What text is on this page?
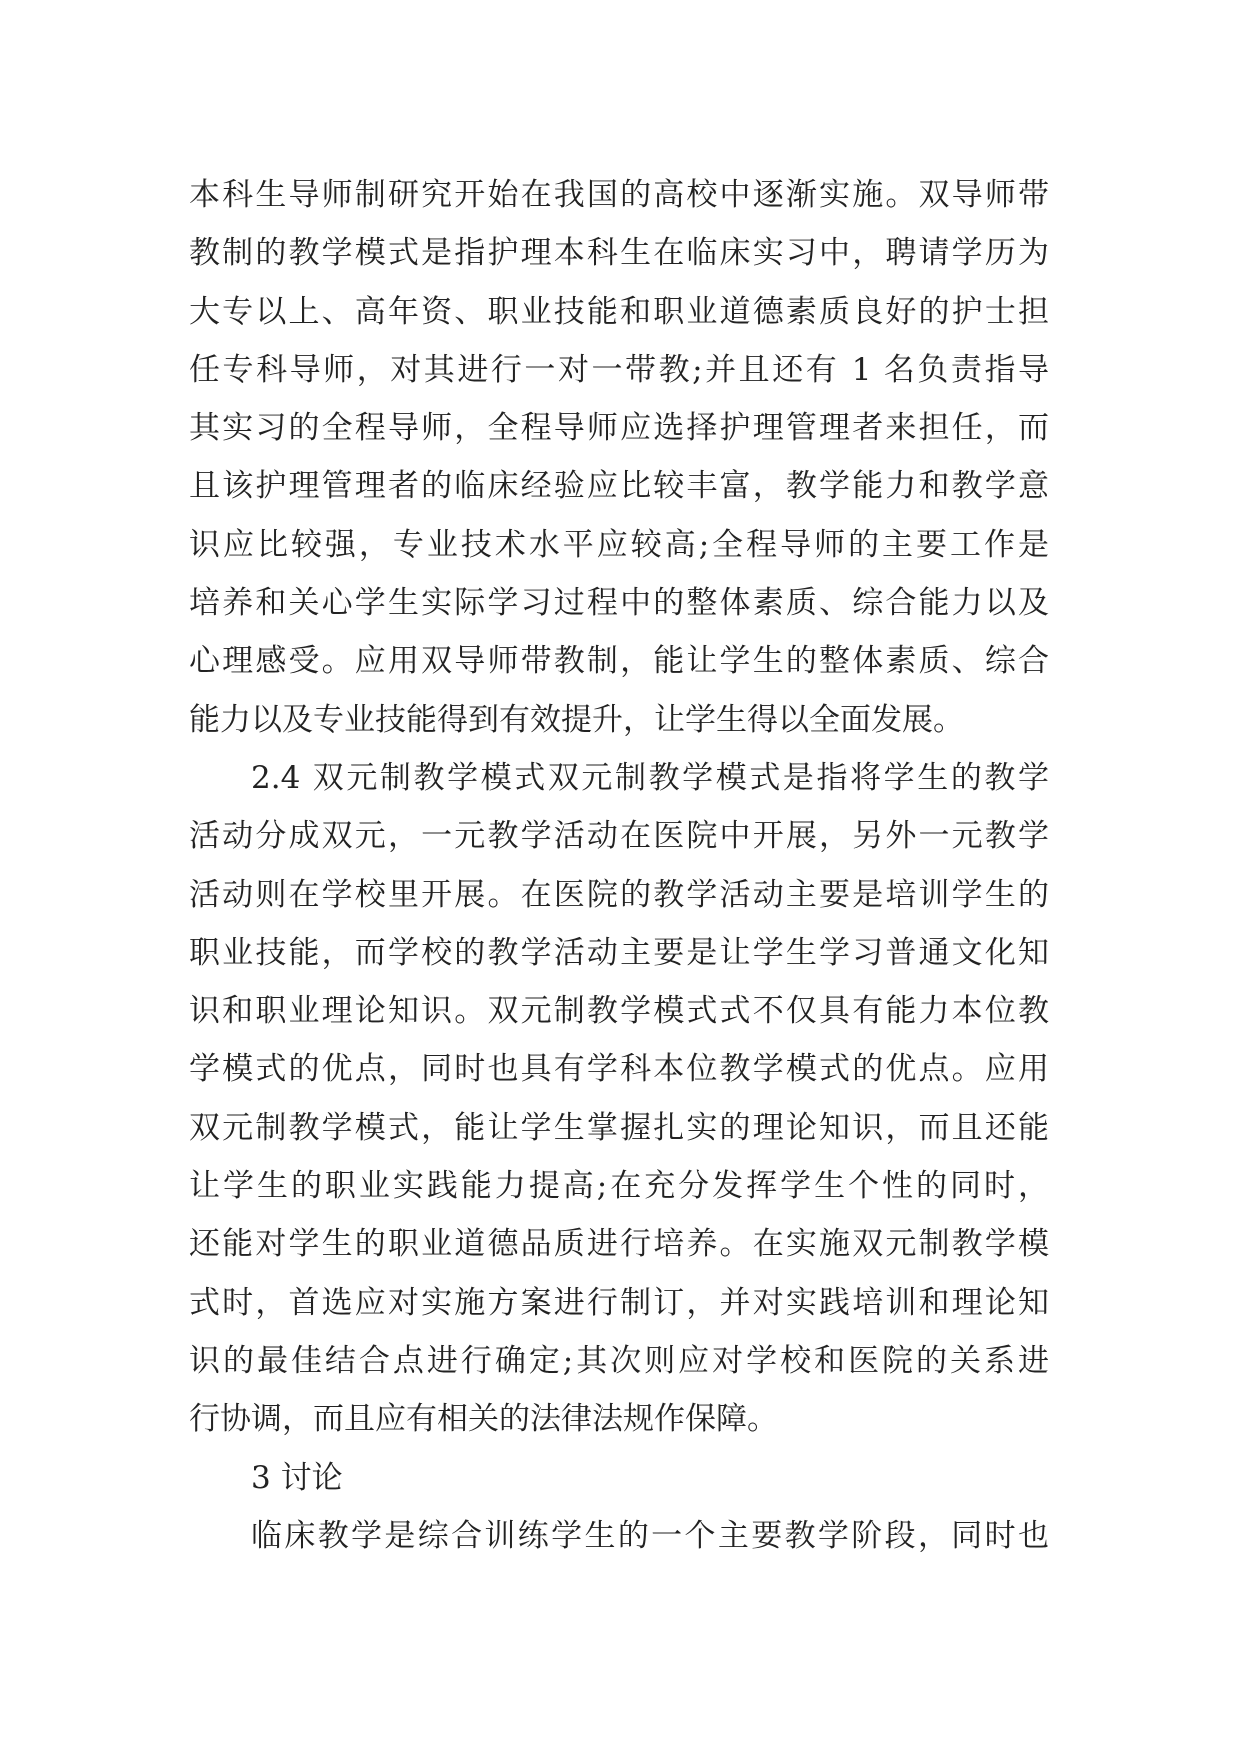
本科生导师制研究开始在我国的高校中逐渐实施。双导师带
教制的教学模式是指护理本科生在临床实习中，聘请学历为
大专以上、高年资、职业技能和职业道德素质良好的护士担
任专科导师，对其进行一对一带教;并且还有 1 名负责指导
其实习的全程导师，全程导师应选择护理管理者来担任，而
且该护理管理者的临床经验应比较丰富，教学能力和教学意
识应比较强，专业技术水平应较高;全程导师的主要工作是
培养和关心学生实际学习过程中的整体素质、综合能力以及
心理感受。应用双导师带教制，能让学生的整体素质、综合
能力以及专业技能得到有效提升，让学生得以全面发展。
2.4 双元制教学模式双元制教学模式是指将学生的教学
活动分成双元，一元教学活动在医院中开展，另外一元教学
活动则在学校里开展。在医院的教学活动主要是培训学生的
职业技能，而学校的教学活动主要是让学生学习普通文化知
识和职业理论知识。双元制教学模式式不仅具有能力本位教
学模式的优点，同时也具有学科本位教学模式的优点。应用
双元制教学模式，能让学生掌握扎实的理论知识，而且还能
让学生的职业实践能力提高;在充分发挥学生个性的同时，
还能对学生的职业道德品质进行培养。在实施双元制教学模
式时，首选应对实施方案进行制订，并对实践培训和理论知
识的最佳结合点进行确定;其次则应对学校和医院的关系进
行协调，而且应有相关的法律法规作保障。
3 讨论
临床教学是综合训练学生的一个主要教学阶段，同时也
